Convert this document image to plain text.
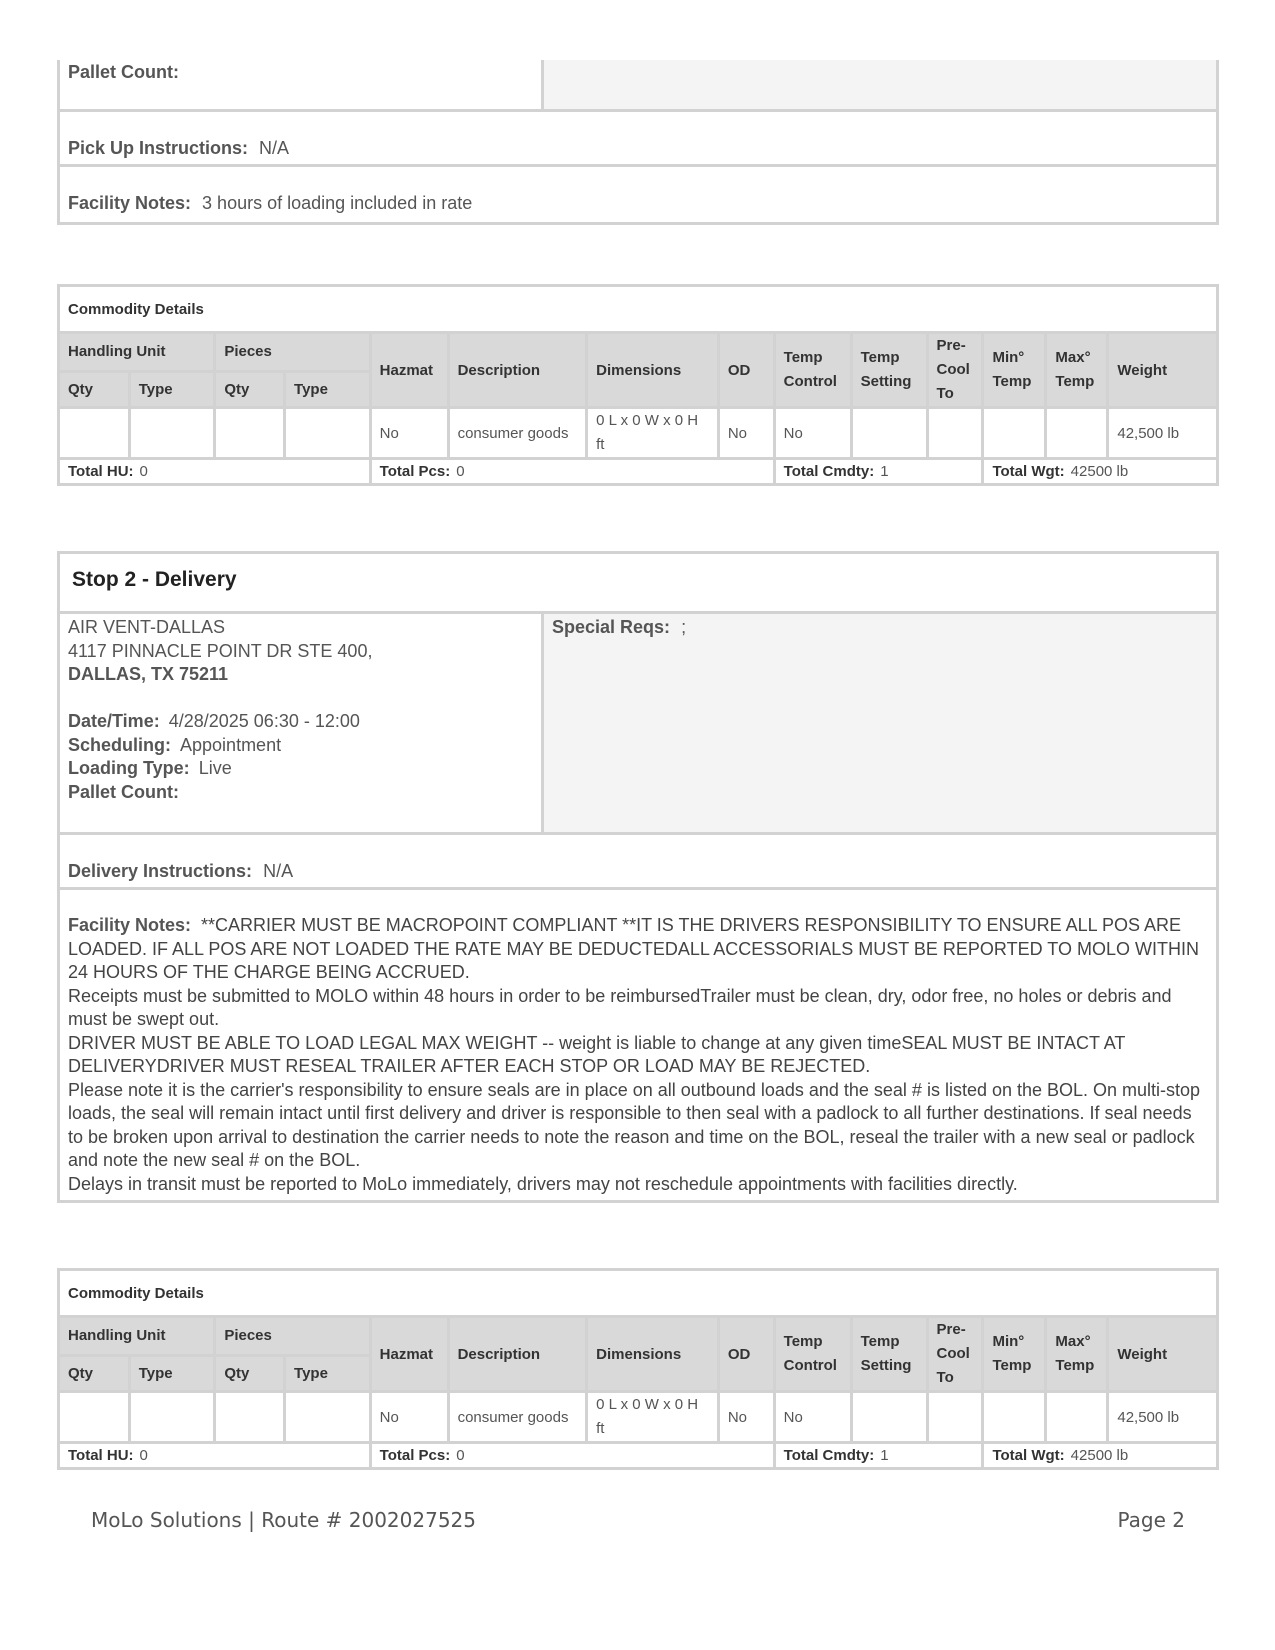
Pallet Count:
Pick Up Instructions: N/A
Facility Notes: 3 hours of loading included in rate
Commodity Details													
Handling Unit		Pieces		Hazmat	Description	Dimensions	OD	Temp Control	Temp Setting	Pre-Cool To	Min° Temp	Max° Temp	Weight
Qty	Type	Qty	Type										
				No	consumer goods	0 L x 0 W x 0 H ft	No	No					42,500 lb
Total HU: 0				Total Pcs: 0				Total Cmdty: 1			Total Wgt: 42500 lb		
Stop 2 - Delivery
AIR VENT-DALLAS
4117 PINNACLE POINT DR STE 400,
DALLAS, TX 75211
Date/Time: 4/28/2025 06:30 - 12:00
Scheduling: Appointment
Loading Type: Live
Pallet Count:
Special Reqs: ;
Delivery Instructions: N/A
Facility Notes: **CARRIER MUST BE MACROPOINT COMPLIANT **IT IS THE DRIVERS RESPONSIBILITY TO ENSURE ALL POS ARE LOADED. IF ALL POS ARE NOT LOADED THE RATE MAY BE DEDUCTEDALL ACCESSORIALS MUST BE REPORTED TO MOLO WITHIN 24 HOURS OF THE CHARGE BEING ACCRUED.
Receipts must be submitted to MOLO within 48 hours in order to be reimbursedTrailer must be clean, dry, odor free, no holes or debris and must be swept out.
DRIVER MUST BE ABLE TO LOAD LEGAL MAX WEIGHT -- weight is liable to change at any given timeSEAL MUST BE INTACT AT DELIVERYDRIVER MUST RESEAL TRAILER AFTER EACH STOP OR LOAD MAY BE REJECTED.
Please note it is the carrier's responsibility to ensure seals are in place on all outbound loads and the seal # is listed on the BOL. On multi-stop loads, the seal will remain intact until first delivery and driver is responsible to then seal with a padlock to all further destinations. If seal needs to be broken upon arrival to destination the carrier needs to note the reason and time on the BOL, reseal the trailer with a new seal or padlock and note the new seal # on the BOL.
Delays in transit must be reported to MoLo immediately, drivers may not reschedule appointments with facilities directly.
Commodity Details													
Handling Unit		Pieces		Hazmat	Description	Dimensions	OD	Temp Control	Temp Setting	Pre-Cool To	Min° Temp	Max° Temp	Weight
Qty	Type	Qty	Type										
				No	consumer goods	0 L x 0 W x 0 H ft	No	No					42,500 lb
Total HU: 0				Total Pcs: 0				Total Cmdty: 1			Total Wgt: 42500 lb		
MoLo Solutions | Route # 2002027525	Page 2
